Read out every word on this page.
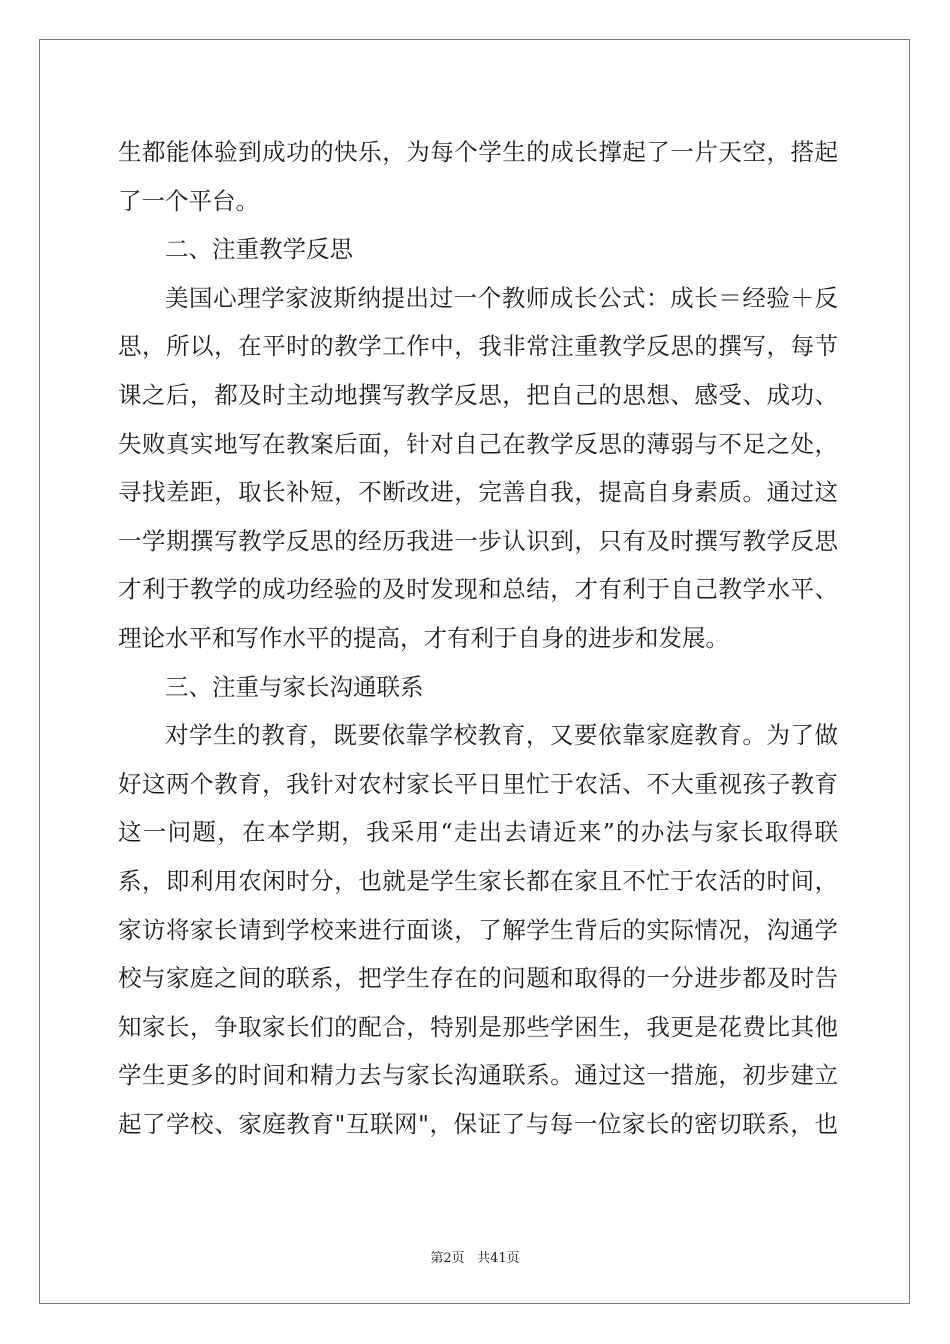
生都能体验到成功的快乐，为每个学生的成长撑起了一片天空，搭起
了一个平台。
二、注重教学反思
美国心理学家波斯纳提出过一个教师成长公式：成长＝经验＋反
思，所以，在平时的教学工作中，我非常注重教学反思的撰写，每节
课之后，都及时主动地撰写教学反思，把自己的思想、感受、成功、
失败真实地写在教案后面，针对自己在教学反思的薄弱与不足之处，
寻找差距，取长补短，不断改进，完善自我，提高自身素质。通过这
一学期撰写教学反思的经历我进一步认识到，只有及时撰写教学反思
才利于教学的成功经验的及时发现和总结，才有利于自己教学水平、
理论水平和写作水平的提高，才有利于自身的进步和发展。
三、注重与家长沟通联系
对学生的教育，既要依靠学校教育，又要依靠家庭教育。为了做
好这两个教育，我针对农村家长平日里忙于农活、不大重视孩子教育
这一问题，在本学期，我采用“走出去请近来”的办法与家长取得联
系，即利用农闲时分，也就是学生家长都在家且不忙于农活的时间，
家访将家长请到学校来进行面谈，了解学生背后的实际情况，沟通学
校与家庭之间的联系，把学生存在的问题和取得的一分进步都及时告
知家长，争取家长们的配合，特别是那些学困生，我更是花费比其他
学生更多的时间和精力去与家长沟通联系。通过这一措施，初步建立
起了学校、家庭教育"互联网"，保证了与每一位家长的密切联系，也
第2页 共41页
